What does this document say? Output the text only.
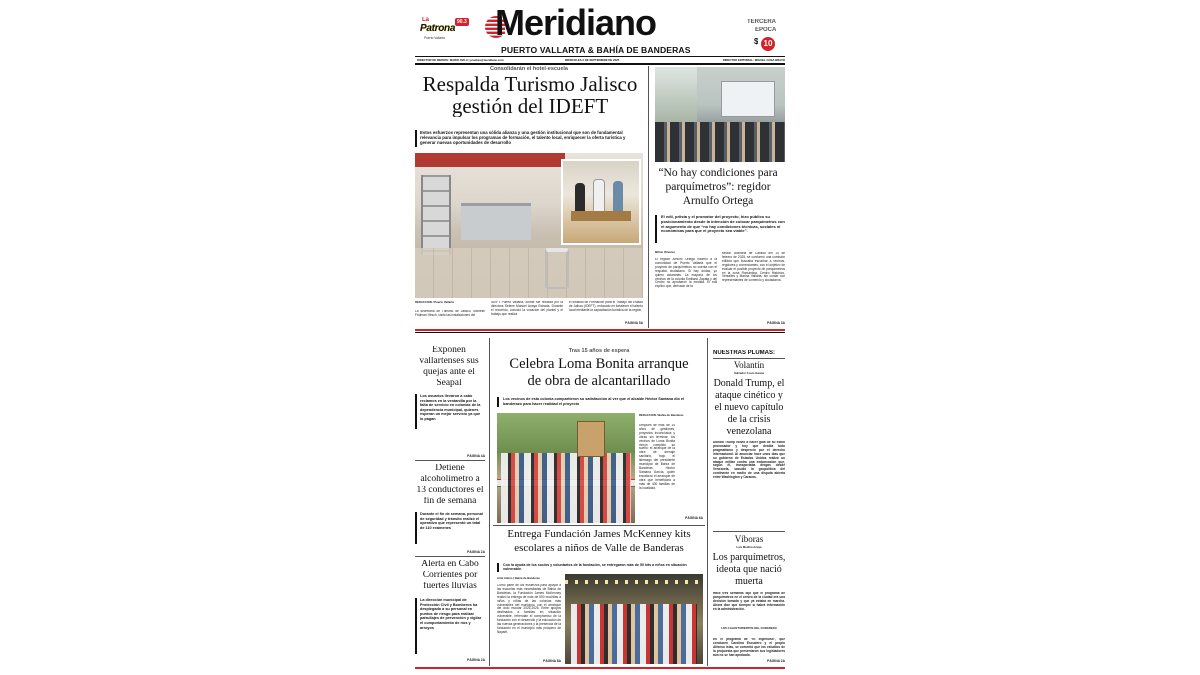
La
Patrona
90.3
Puerto Vallarta Meridiano
PUERTO VALLARTA & BAHÍA DE BANDERAS
TERCERA
ÉPOCA
$ 10
DIRECTOR DE MEDIOS: MARIO AVILA | pruebas@meridiano.com	MIÉRCOLES 3 DE SEPTIEMBRE DE 2025	DIRECTOR EDITORIAL: MIGUEL COSA BRAVO
Consolidarán el hotel-escuela
Respalda Turismo Jalisco
gestión del IDEFT
Estos esfuerzos representan una sólida alianza y una gestión institucional que son de fundamental relevancia para impulsar los programas de formación, el talento local, enriquecer la oferta turística y generar nuevas oportunidades de desarrollo
REDACCIÓN / Puerto Vallarta
La secretaria de Turismo de Jalisco, Michelle Fridman Hirsch, visitó las instalaciones del
IDEFT Puerto Vallarta, donde fue recibida por la directora Selene Manuel Anaya Estrada. Durante el recorrido, conoció la vocación del plantel y el trabajo que realiza
el Instituto de Formación para el Trabajo del Estado de Jalisco (IDEFT), enfocado en fortalecer el talento local mediante la capacitación turística de la región.
PÁGINA 5A
“No hay condiciones para
parquímetros”: regidor
Arnulfo Ortega
El edil, priista y el promotor del proyecto, hizo público su posicionamiento desde la intención de colocar parquímetros con el argumento de que “no hay condiciones técnicas, sociales ni económicas para que el proyecto sea viable”.
Milton Olivares
El regidor Arnulfo Ortega informó a la comunidad de Puerto Vallarta que el proyecto de parquímetros no cuenta con el respaldo ciudadano. Si hay dudas, yo quiero aclararlas. La mayoría de los vecinos de la colonia Emiliano Zapata y del Centro no aprobaron la medida. El edil explicó que, derivado de la
sesión ordinaria de Cabildo del 14 de febrero de 2025, se conformó una comisión edilicia que buscaba escuchar a vecinos, regidores y comerciantes, con el objetivo de evaluar el posible proyecto de parquímetros en la zona Romántica, Centro Histórico, Versalles y Marina Vallarta, sin contar con representantes de comercio y ciudadanía.
PÁGINA 3A
Exponen
vallartenses sus
quejas ante el
Seapal
Los usuarios llevaron a cabo reclamos en la ventanilla por la falta de servicio en colonias de la dependencia municipal, quienes esperan un mejor servicio ya que lo pagan
PÁGINA 4A
Detiene
alcoholímetro a
13 conductores el
fin de semana
Durante el fin de semana, personal de seguridad y tránsito realizó el operativo que representó un total de 110 exámenes
PÁGINA 2A
Alerta en Cabo
Corrientes por
fuertes lluvias
La dirección municipal de Protección Civil y Bomberos ha desplegado a su personal en puntos de riesgo para realizar patrullajes de prevención y vigilar el comportamiento de ríos y arroyos
PÁGINA 2A
Tras 15 años de espera
Celebra Loma Bonita arranque
de obra de alcantarillado
Los vecinos de esta colonia compartieron su satisfacción al ver que el alcalde Héctor Santana dio el banderazo para hacer realidad el proyecto
REDACCIÓN / Bahía de Banderas
Después de más de 15 años de gestiones, proyectos inconclusos y obras sin terminar, los vecinos de Loma Bonita vieron cumplido su sueño: el arranque de la obra de drenaje sanitario, bajo el liderazgo del presidente municipal de Bahía de Banderas, Héctor Santana García, quien encabezó el arranque de obra que beneficiará a más de 400 familias de la localidad.
PÁGINA 6A
Entrega Fundación James McKenney kits
escolares a niños de Valle de Banderas
Con la ayuda de los socios y voluntarios de la fundación, se entregaron más de 50 kits a niños en situación vulnerable.
Arial Alamo | Bahía de Banderas
Como parte de los esfuerzos para apoyar a las escuelas más necesitadas de Bahía de Banderas, la Fundación James McKenney realizó la entrega de más de 500 mochilas a niños y niñas de las colonias más vulnerables del municipio, con el arranque del ciclo escolar 2025-2026. Entre apoyos destinados a familias en situación vulnerable, refrendan el compromiso de la fundación con el desarrollo y la educación de las nuevas generaciones y la presencia de la fundación en el municipio más próspero de Nayarit.
PÁGINA 8A
NUESTRAS PLUMAS:
Volantín
Salvador Cosío Gaona
Donald Trump, el
ataque cinético y
el nuevo capítulo
de la crisis
venezolana
Donald Trump volvió a hacer gala de su estilo provocador y hoy que destila todo pragmatismo y desprecio por el derecho internacional. Al anunciar hace unos días que su gobierno de Estados Unidos realizó un ataque militar contra una embarcación que, según él, transportaba drogas desde Venezuela, sacudió la geopolítica del continente en medio de una disputa abierta entre Washington y Caracas.
Víboras
Luis Medina Anaya
Los parquímetros,
ideota que nació
muerta
Hace tres semanas dijo que el programa de parquímetros en el centro de la ciudad era una decisión tomada y que ya estaba en marcha. Ahora dice que siempre sí habrá información en la administración.
LOS CALENTURIENTOS DEL CONGRESO
En el programa de “El Ingenioso”, que conducen Carolina Escudero y el propio Alfonso Islas, se comentó que los estudios de la propuesta que presentaron sus legisladores aún no se han aprobado.
PÁGINA 2A
